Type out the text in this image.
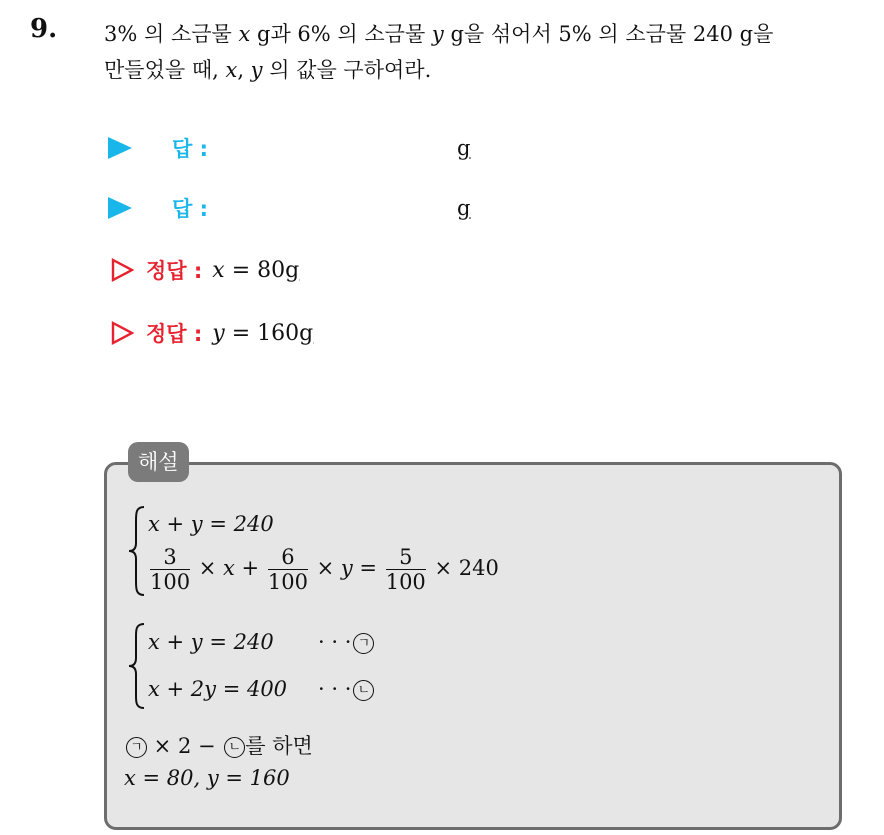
9. 3% 의 소금물 x g과 6% 의 소금물 y g을 섞어서 5% 의 소금물 240 g을
만들었을 때, x, y 의 값을 구하여라.
답 :	g
답 :	g
정답 : x = 80g
정답 : y = 160g
해설
x + y = 240
$\frac{3}{100} \times x + \frac{6}{100} \times y = \frac{5}{100} \times 240$
x + y = 240 · · · ㄱ
x + 2y = 400 · · · ㄴ
ㄱ × 2 − ㄴ 를 하면
x = 80, y = 160
